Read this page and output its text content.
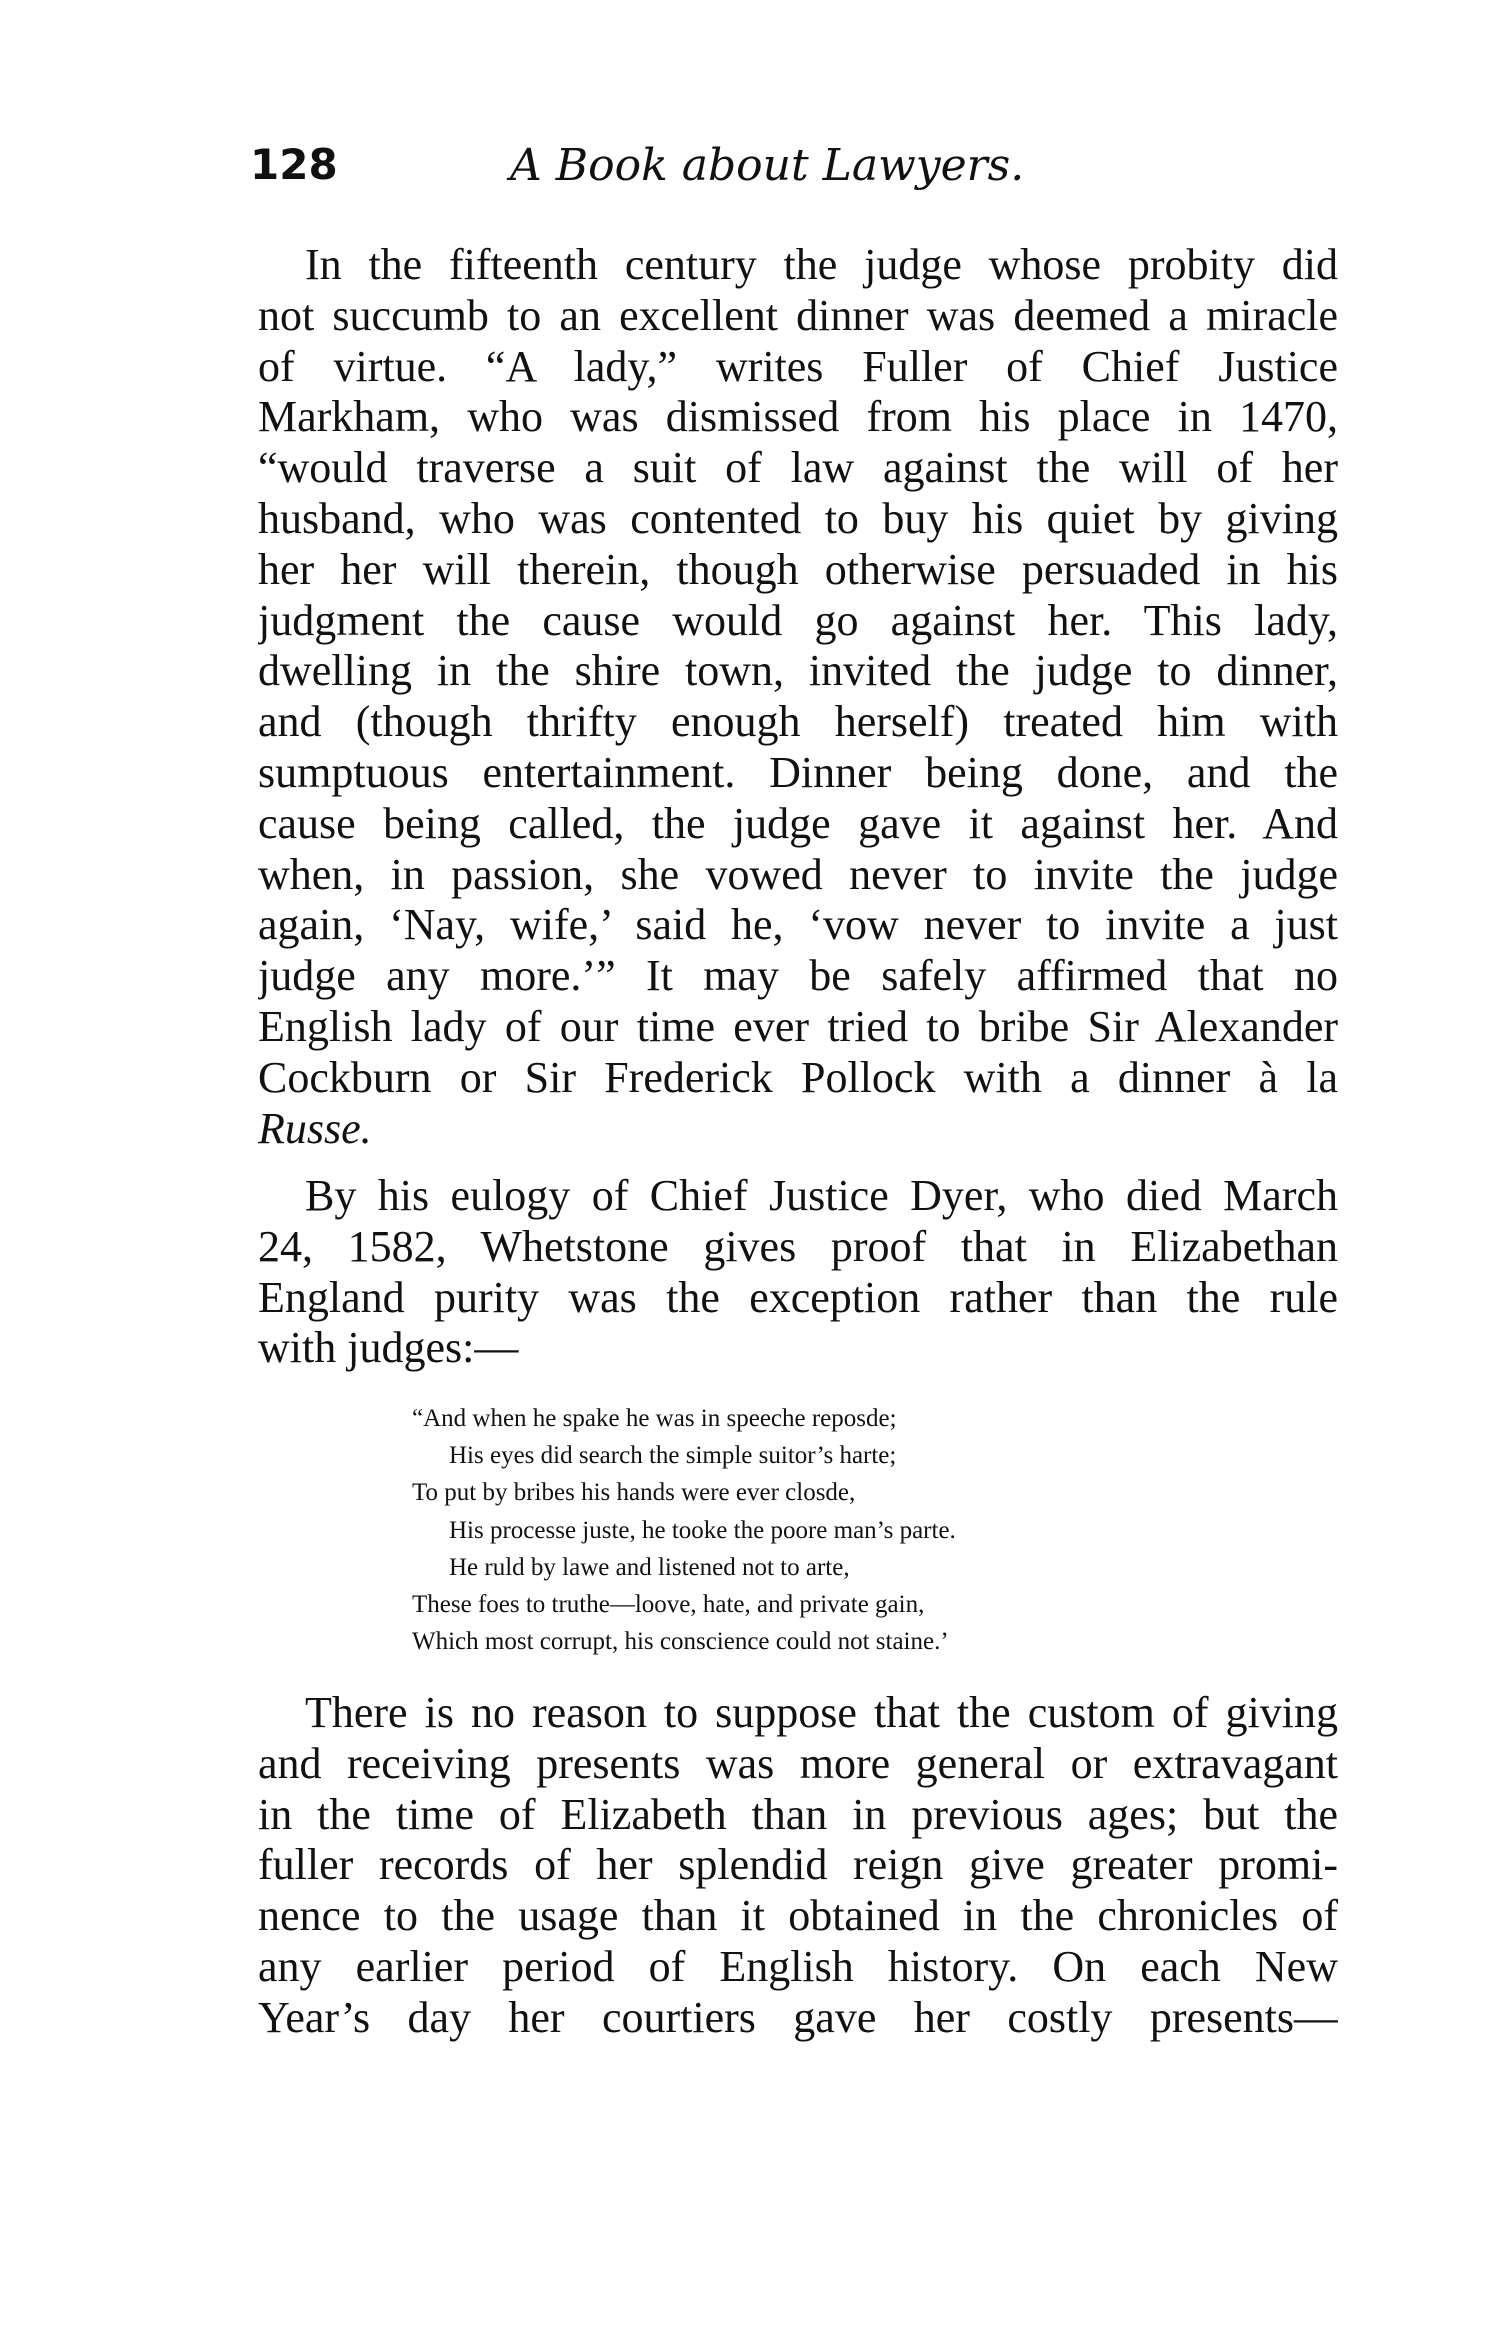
128	A Book about Lawyers.
In the fifteenth century the judge whose probity did
not succumb to an excellent dinner was deemed a miracle
of virtue. “A lady,” writes Fuller of Chief Justice
Markham, who was dismissed from his place in 1470,
“would traverse a suit of law against the will of her
husband, who was contented to buy his quiet by giving
her her will therein, though otherwise persuaded in his
judgment the cause would go against her. This lady,
dwelling in the shire town, invited the judge to dinner,
and (though thrifty enough herself) treated him with
sumptuous entertainment. Dinner being done, and the
cause being called, the judge gave it against her. And
when, in passion, she vowed never to invite the judge
again, ‘Nay, wife,’ said he, ‘vow never to invite a just
judge any more.’” It may be safely affirmed that no
English lady of our time ever tried to bribe Sir Alexander
Cockburn or Sir Frederick Pollock with a dinner à la
Russe.
By his eulogy of Chief Justice Dyer, who died March
24, 1582, Whetstone gives proof that in Elizabethan
England purity was the exception rather than the rule
with judges:—
“And when he spake he was in speeche reposde;
His eyes did search the simple suitor’s harte;
To put by bribes his hands were ever closde,
His processe juste, he tooke the poore man’s parte.
He ruld by lawe and listened not to arte,
These foes to truthe—loove, hate, and private gain,
Which most corrupt, his conscience could not staine.’
There is no reason to suppose that the custom of giving
and receiving presents was more general or extravagant
in the time of Elizabeth than in previous ages; but the
fuller records of her splendid reign give greater promi-
nence to the usage than it obtained in the chronicles of
any earlier period of English history. On each New
Year’s day her courtiers gave her costly presents—
